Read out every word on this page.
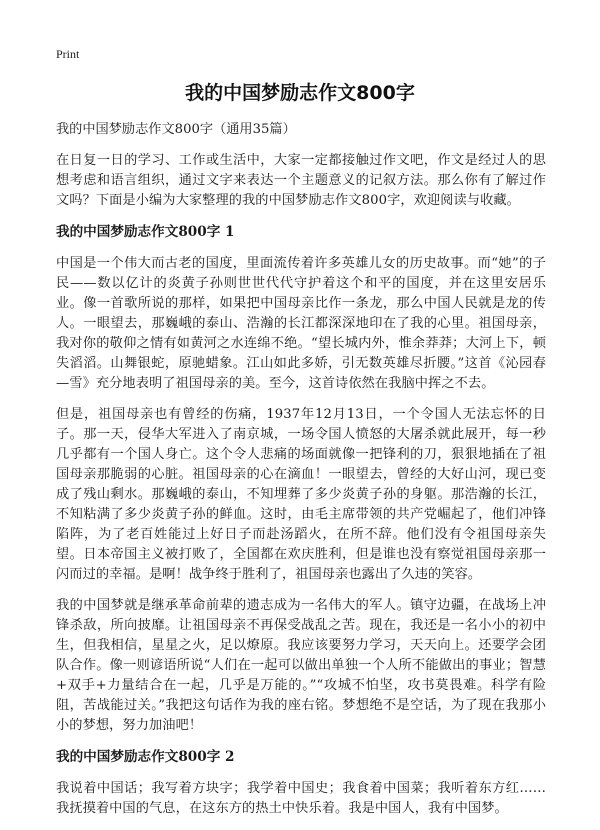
Print
我的中国梦励志作文800字

我的中国梦励志作文800字（通用35篇）

在日复一日的学习、工作或生活中，大家一定都接触过作文吧，作文是经过人的思想考虑和语言组织，通过文字来表达一个主题意义的记叙方法。那么你有了解过作文吗？下面是小编为大家整理的我的中国梦励志作文800字，欢迎阅读与收藏。

我的中国梦励志作文800字 1

中国是一个伟大而古老的国度，里面流传着许多英雄儿女的历史故事。而“她”的子民——数以亿计的炎黄子孙则世世代代守护着这个和平的国度，并在这里安居乐业。像一首歌所说的那样，如果把中国母亲比作一条龙，那么中国人民就是龙的传人。一眼望去，那巍峨的泰山、浩瀚的长江都深深地印在了我的心里。祖国母亲，我对你的敬仰之情有如黄河之水连绵不绝。“望长城内外，惟余莽莽；大河上下，顿失滔滔。山舞银蛇，原驰蜡象。江山如此多娇，引无数英雄尽折腰。”这首《沁园春—雪》充分地表明了祖国母亲的美。至今，这首诗依然在我脑中挥之不去。

但是，祖国母亲也有曾经的伤痛，1937年12月13日，一个令国人无法忘怀的日子。那一天，侵华大军进入了南京城，一场令国人愤怒的大屠杀就此展开，每一秒几乎都有一个国人身亡。这个令人悲痛的场面就像一把锋利的刀，狠狠地插在了祖国母亲那脆弱的心脏。祖国母亲的心在滴血！一眼望去，曾经的大好山河，现已变成了残山剩水。那巍峨的泰山，不知埋葬了多少炎黄子孙的身躯。那浩瀚的长江，不知粘满了多少炎黄子孙的鲜血。这时，由毛主席带领的共产党崛起了，他们冲锋陷阵，为了老百姓能过上好日子而赴汤蹈火，在所不辞。他们没有令祖国母亲失望。日本帝国主义被打败了，全国都在欢庆胜利，但是谁也没有察觉祖国母亲那一闪而过的幸福。是啊！战争终于胜利了，祖国母亲也露出了久违的笑容。

我的中国梦就是继承革命前辈的遗志成为一名伟大的军人。镇守边疆，在战场上冲锋杀敌，所向披靡。让祖国母亲不再保受战乱之苦。现在，我还是一名小小的初中生，但我相信，星星之火，足以燎原。我应该要努力学习，天天向上。还要学会团队合作。像一则谚语所说“人们在一起可以做出单独一个人所不能做出的事业；智慧+双手+力量结合在一起，几乎是万能的。”“攻城不怕坚，攻书莫畏难。科学有险阻，苦战能过关。”我把这句话作为我的座右铭。梦想绝不是空话，为了现在我那小小的梦想，努力加油吧！

我的中国梦励志作文800字 2

我说着中国话；我写着方块字；我学着中国史；我食着中国菜；我听着东方红……我抚摸着中国的气息，在这东方的热土中快乐着。我是中国人，我有中国梦。
